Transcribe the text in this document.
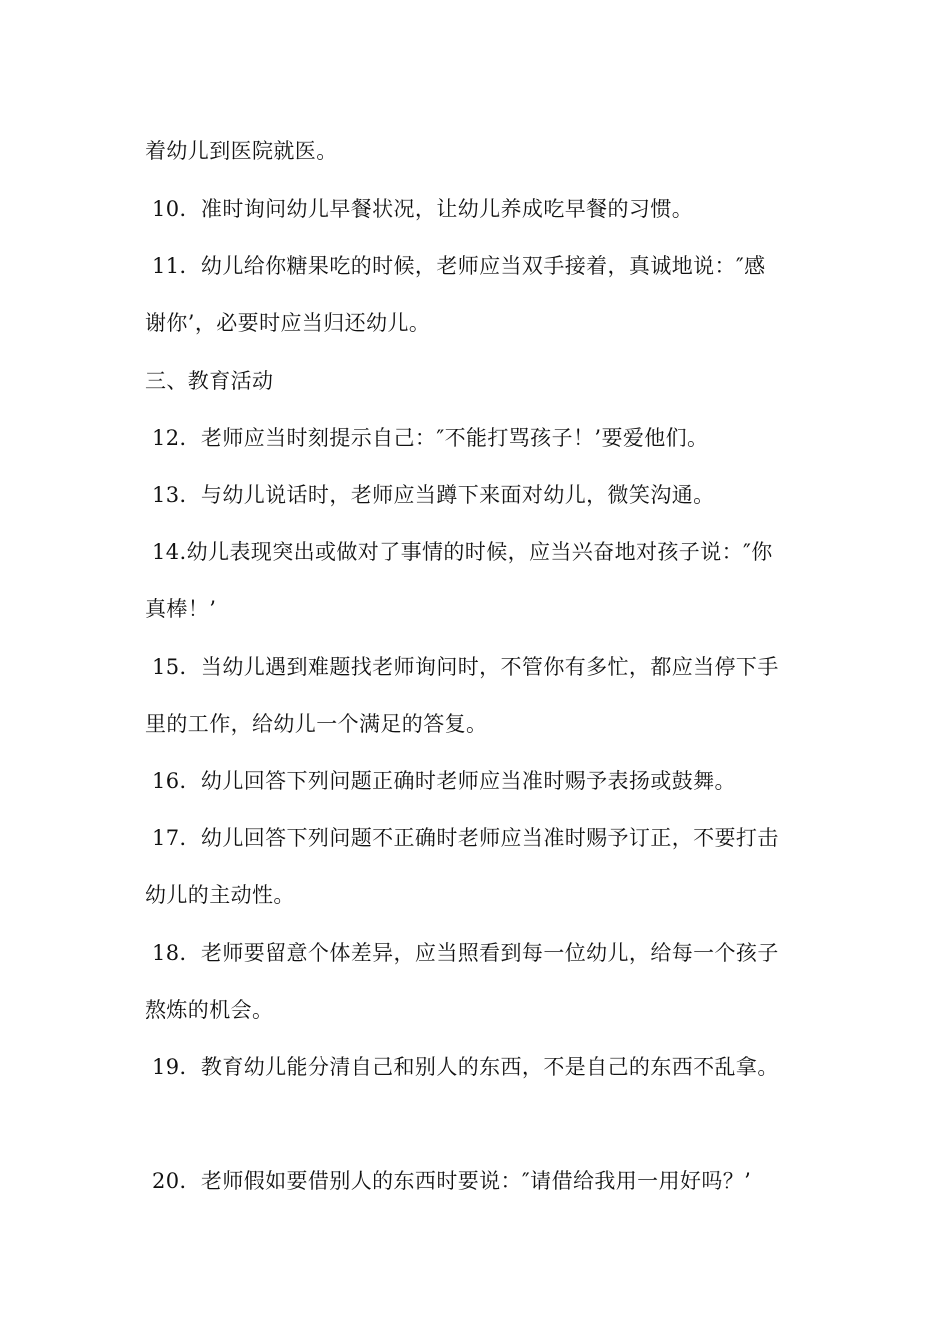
着幼儿到医院就医。
10．准时询问幼儿早餐状况，让幼儿养成吃早餐的习惯。
11．幼儿给你糖果吃的时候，老师应当双手接着，真诚地说：″感
谢你’，必要时应当归还幼儿。
三、教育活动
12．老师应当时刻提示自己：″不能打骂孩子！’要爱他们。
13．与幼儿说话时，老师应当蹲下来面对幼儿，微笑沟通。
14.幼儿表现突出或做对了事情的时候，应当兴奋地对孩子说：″你
真棒！’
15．当幼儿遇到难题找老师询问时，不管你有多忙，都应当停下手
里的工作，给幼儿一个满足的答复。
16．幼儿回答下列问题正确时老师应当准时赐予表扬或鼓舞。
17．幼儿回答下列问题不正确时老师应当准时赐予订正，不要打击
幼儿的主动性。
18．老师要留意个体差异，应当照看到每一位幼儿，给每一个孩子
熬炼的机会。
19．教育幼儿能分清自己和别人的东西，不是自己的东西不乱拿。
20．老师假如要借别人的东西时要说：″请借给我用一用好吗？’
